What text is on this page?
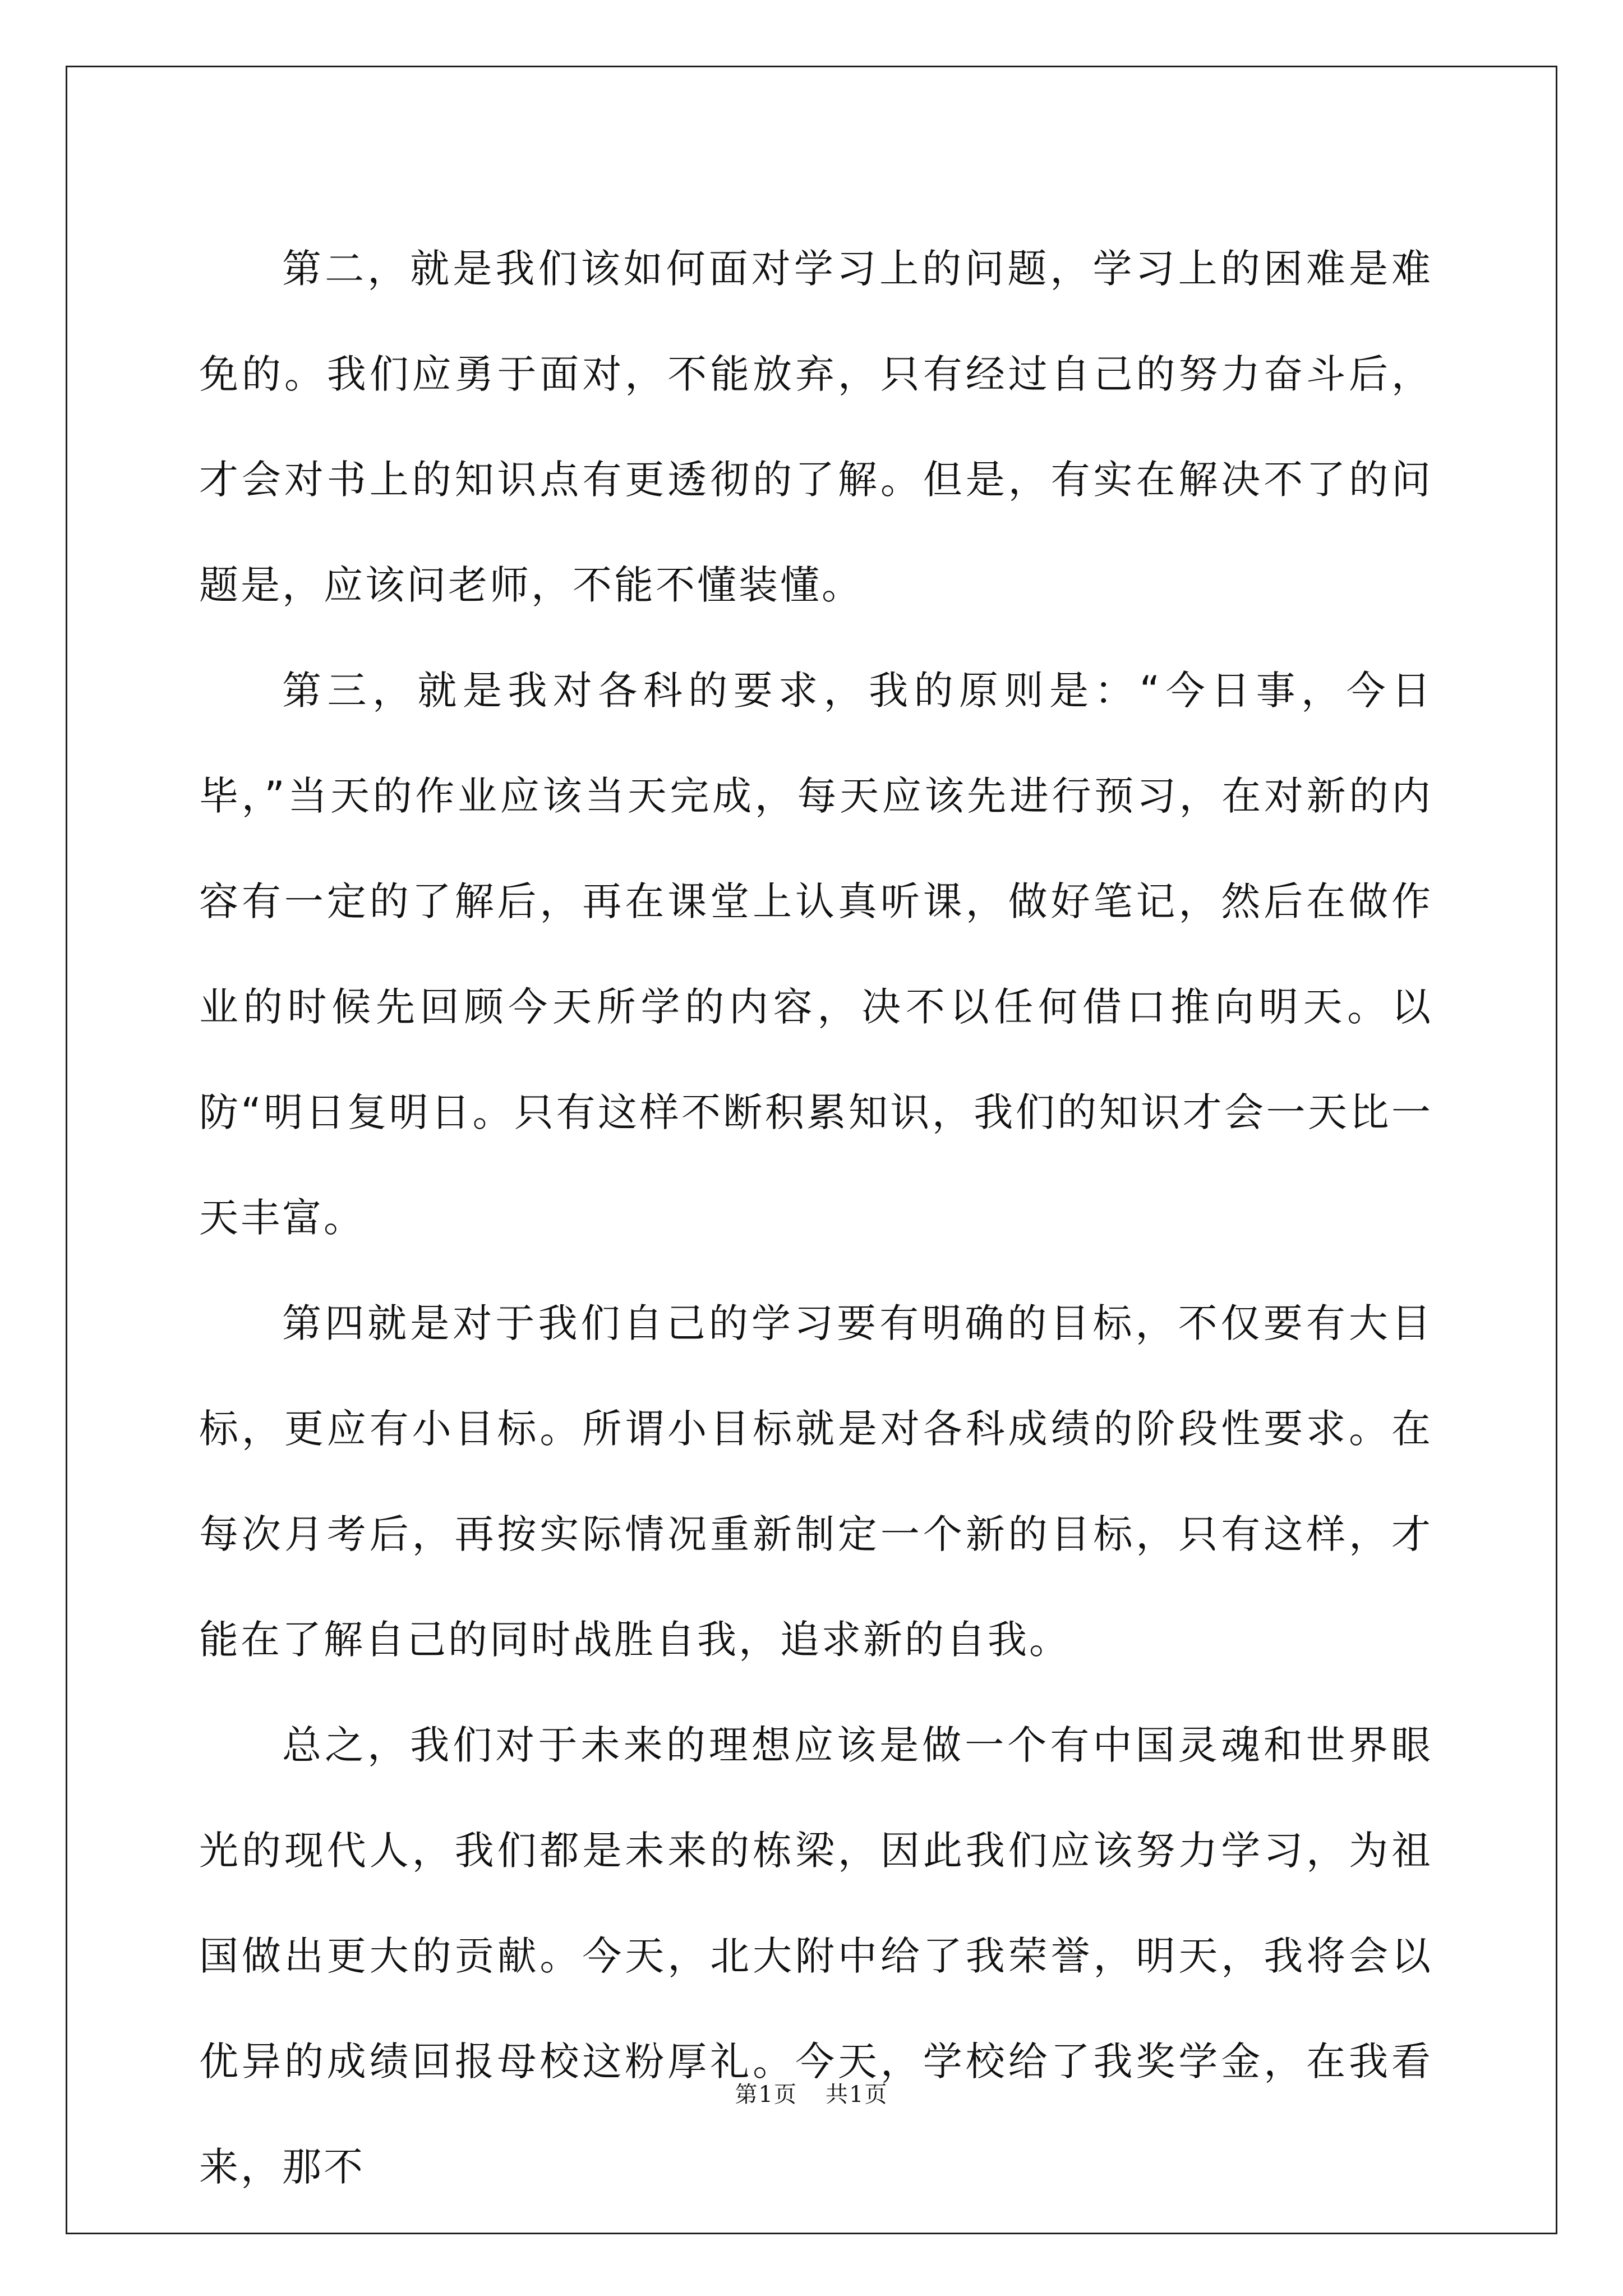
第二，就是我们该如何面对学习上的问题，学习上的困难是难免的。我们应勇于面对，不能放弃，只有经过自己的努力奋斗后，才会对书上的知识点有更透彻的了解。但是，有实在解决不了的问题是，应该问老师，不能不懂装懂。

第三，就是我对各科的要求，我的原则是：“今日事，今日毕，”当天的作业应该当天完成，每天应该先进行预习，在对新的内容有一定的了解后，再在课堂上认真听课，做好笔记，然后在做作业的时候先回顾今天所学的内容，决不以任何借口推向明天。以防“明日复明日。只有这样不断积累知识，我们的知识才会一天比一天丰富。

第四就是对于我们自己的学习要有明确的目标，不仅要有大目标，更应有小目标。所谓小目标就是对各科成绩的阶段性要求。在每次月考后，再按实际情况重新制定一个新的目标，只有这样，才能在了解自己的同时战胜自我，追求新的自我。

总之，我们对于未来的理想应该是做一个有中国灵魂和世界眼光的现代人，我们都是未来的栋梁，因此我们应该努力学习，为祖国做出更大的贡献。今天，北大附中给了我荣誉，明天，我将会以优异的成绩回报母校这粉厚礼。今天，学校给了我奖学金，在我看来，那不

第1页 共1页
